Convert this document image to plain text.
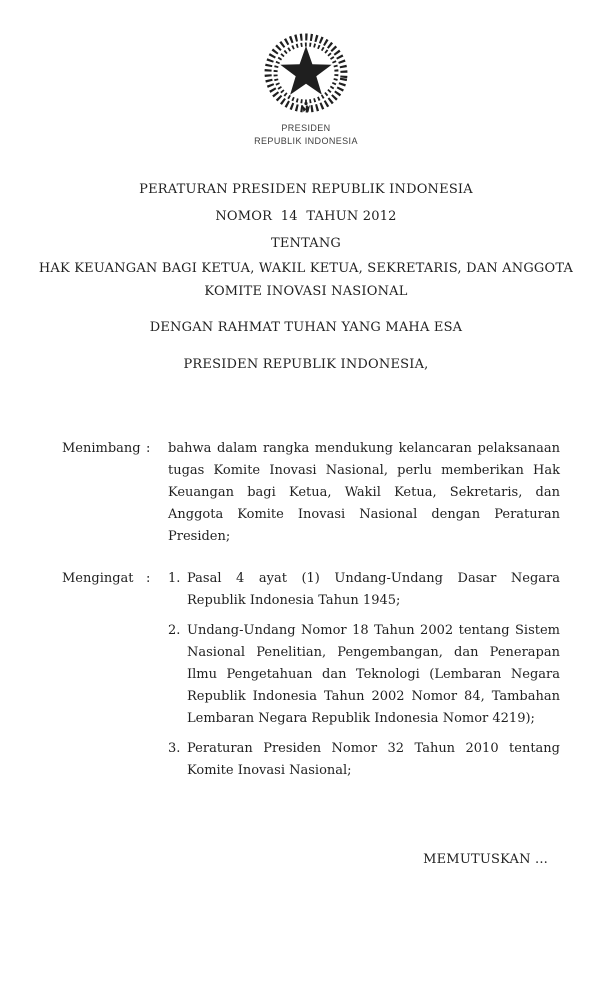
PRESIDEN
REPUBLIK INDONESIA
PERATURAN PRESIDEN REPUBLIK INDONESIA
NOMOR  14  TAHUN 2012
TENTANG
HAK KEUANGAN BAGI KETUA, WAKIL KETUA, SEKRETARIS, DAN ANGGOTA
KOMITE INOVASI NASIONAL
DENGAN RAHMAT TUHAN YANG MAHA ESA
PRESIDEN REPUBLIK INDONESIA,
Menimbang :	bahwa dalam rangka mendukung kelancaran pelaksanaan tugas Komite Inovasi Nasional, perlu memberikan Hak Keuangan bagi Ketua, Wakil Ketua, Sekretaris, dan Anggota Komite Inovasi Nasional dengan Peraturan Presiden;
Mengingat :	1. Pasal 4 ayat (1) Undang-Undang Dasar Negara Republik Indonesia Tahun 1945;
2. Undang-Undang Nomor 18 Tahun 2002 tentang Sistem Nasional Penelitian, Pengembangan, dan Penerapan Ilmu Pengetahuan dan Teknologi (Lembaran Negara Republik Indonesia Tahun 2002 Nomor 84, Tambahan Lembaran Negara Republik Indonesia Nomor 4219);
3. Peraturan Presiden Nomor 32 Tahun 2010 tentang Komite Inovasi Nasional;
MEMUTUSKAN ...
